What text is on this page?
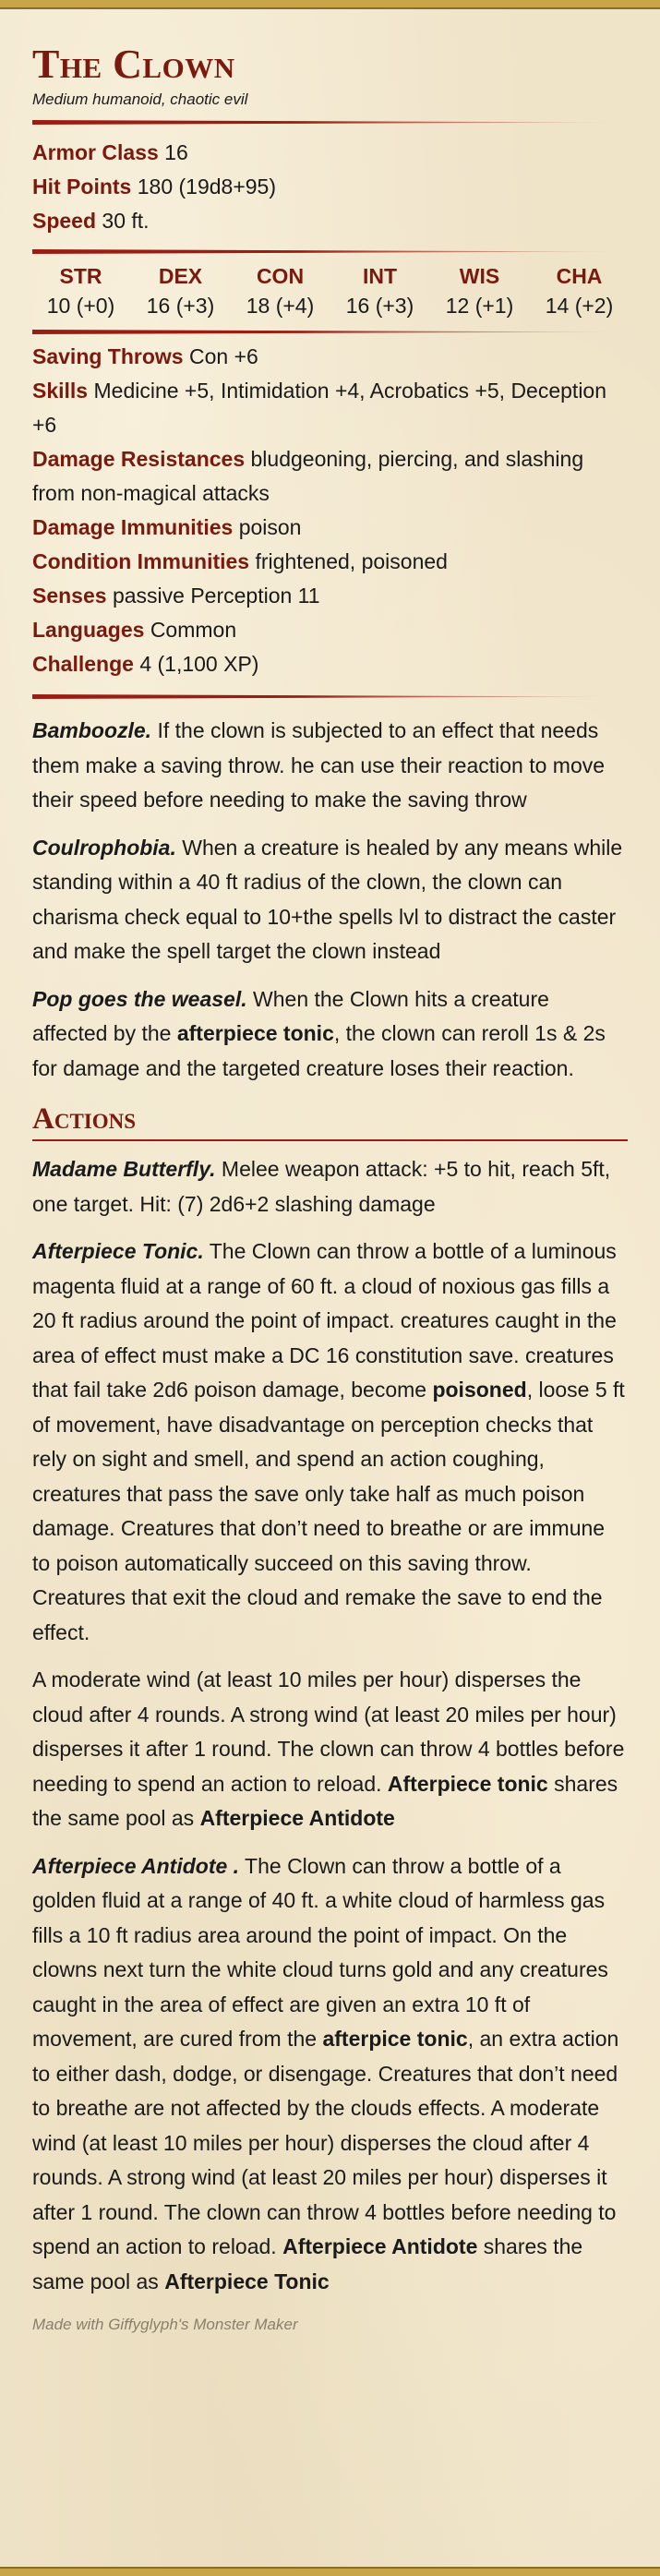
The Clown
Medium humanoid, chaotic evil
Armor Class 16
Hit Points 180 (19d8+95)
Speed 30 ft.
STR
10 (+0)
DEX
16 (+3)
CON
18 (+4)
INT
16 (+3)
WIS
12 (+1)
CHA
14 (+2)
Saving Throws Con +6
Skills Medicine +5, Intimidation +4, Acrobatics +5, Deception +6
Damage Resistances bludgeoning, piercing, and slashing from non-magical attacks
Damage Immunities poison
Condition Immunities frightened, poisoned
Senses passive Perception 11
Languages Common
Challenge 4 (1,100 XP)

Bamboozle. If the clown is subjected to an effect that needs them make a saving throw. he can use their reaction to move their speed before needing to make the saving throw

Coulrophobia. When a creature is healed by any means while standing within a 40 ft radius of the clown, the clown can charisma check equal to 10+the spells lvl to distract the caster and make the spell target the clown instead

Pop goes the weasel. When the Clown hits a creature affected by the afterpiece tonic, the clown can reroll 1s & 2s for damage and the targeted creature loses their reaction.

Actions

Madame Butterfly. Melee weapon attack: +5 to hit, reach 5ft, one target. Hit: (7) 2d6+2 slashing damage

Afterpiece Tonic. The Clown can throw a bottle of a luminous magenta fluid at a range of 60 ft. a cloud of noxious gas fills a 20 ft radius around the point of impact. creatures caught in the area of effect must make a DC 16 constitution save. creatures that fail take 2d6 poison damage, become poisoned, loose 5 ft of movement, have disadvantage on perception checks that rely on sight and smell, and spend an action coughing, creatures that pass the save only take half as much poison damage. Creatures that don’t need to breathe or are immune to poison automatically succeed on this saving throw. Creatures that exit the cloud and remake the save to end the effect.

A moderate wind (at least 10 miles per hour) disperses the cloud after 4 rounds. A strong wind (at least 20 miles per hour) disperses it after 1 round. The clown can throw 4 bottles before needing to spend an action to reload. Afterpiece tonic shares the same pool as Afterpiece Antidote

Afterpiece Antidote . The Clown can throw a bottle of a golden fluid at a range of 40 ft. a white cloud of harmless gas fills a 10 ft radius area around the point of impact. On the clowns next turn the white cloud turns gold and any creatures caught in the area of effect are given an extra 10 ft of movement, are cured from the afterpice tonic, an extra action to either dash, dodge, or disengage. Creatures that don’t need to breathe are not affected by the clouds effects. A moderate wind (at least 10 miles per hour) disperses the cloud after 4 rounds. A strong wind (at least 20 miles per hour) disperses it after 1 round. The clown can throw 4 bottles before needing to spend an action to reload. Afterpiece Antidote shares the same pool as Afterpiece Tonic

Made with Giffyglyph's Monster Maker
